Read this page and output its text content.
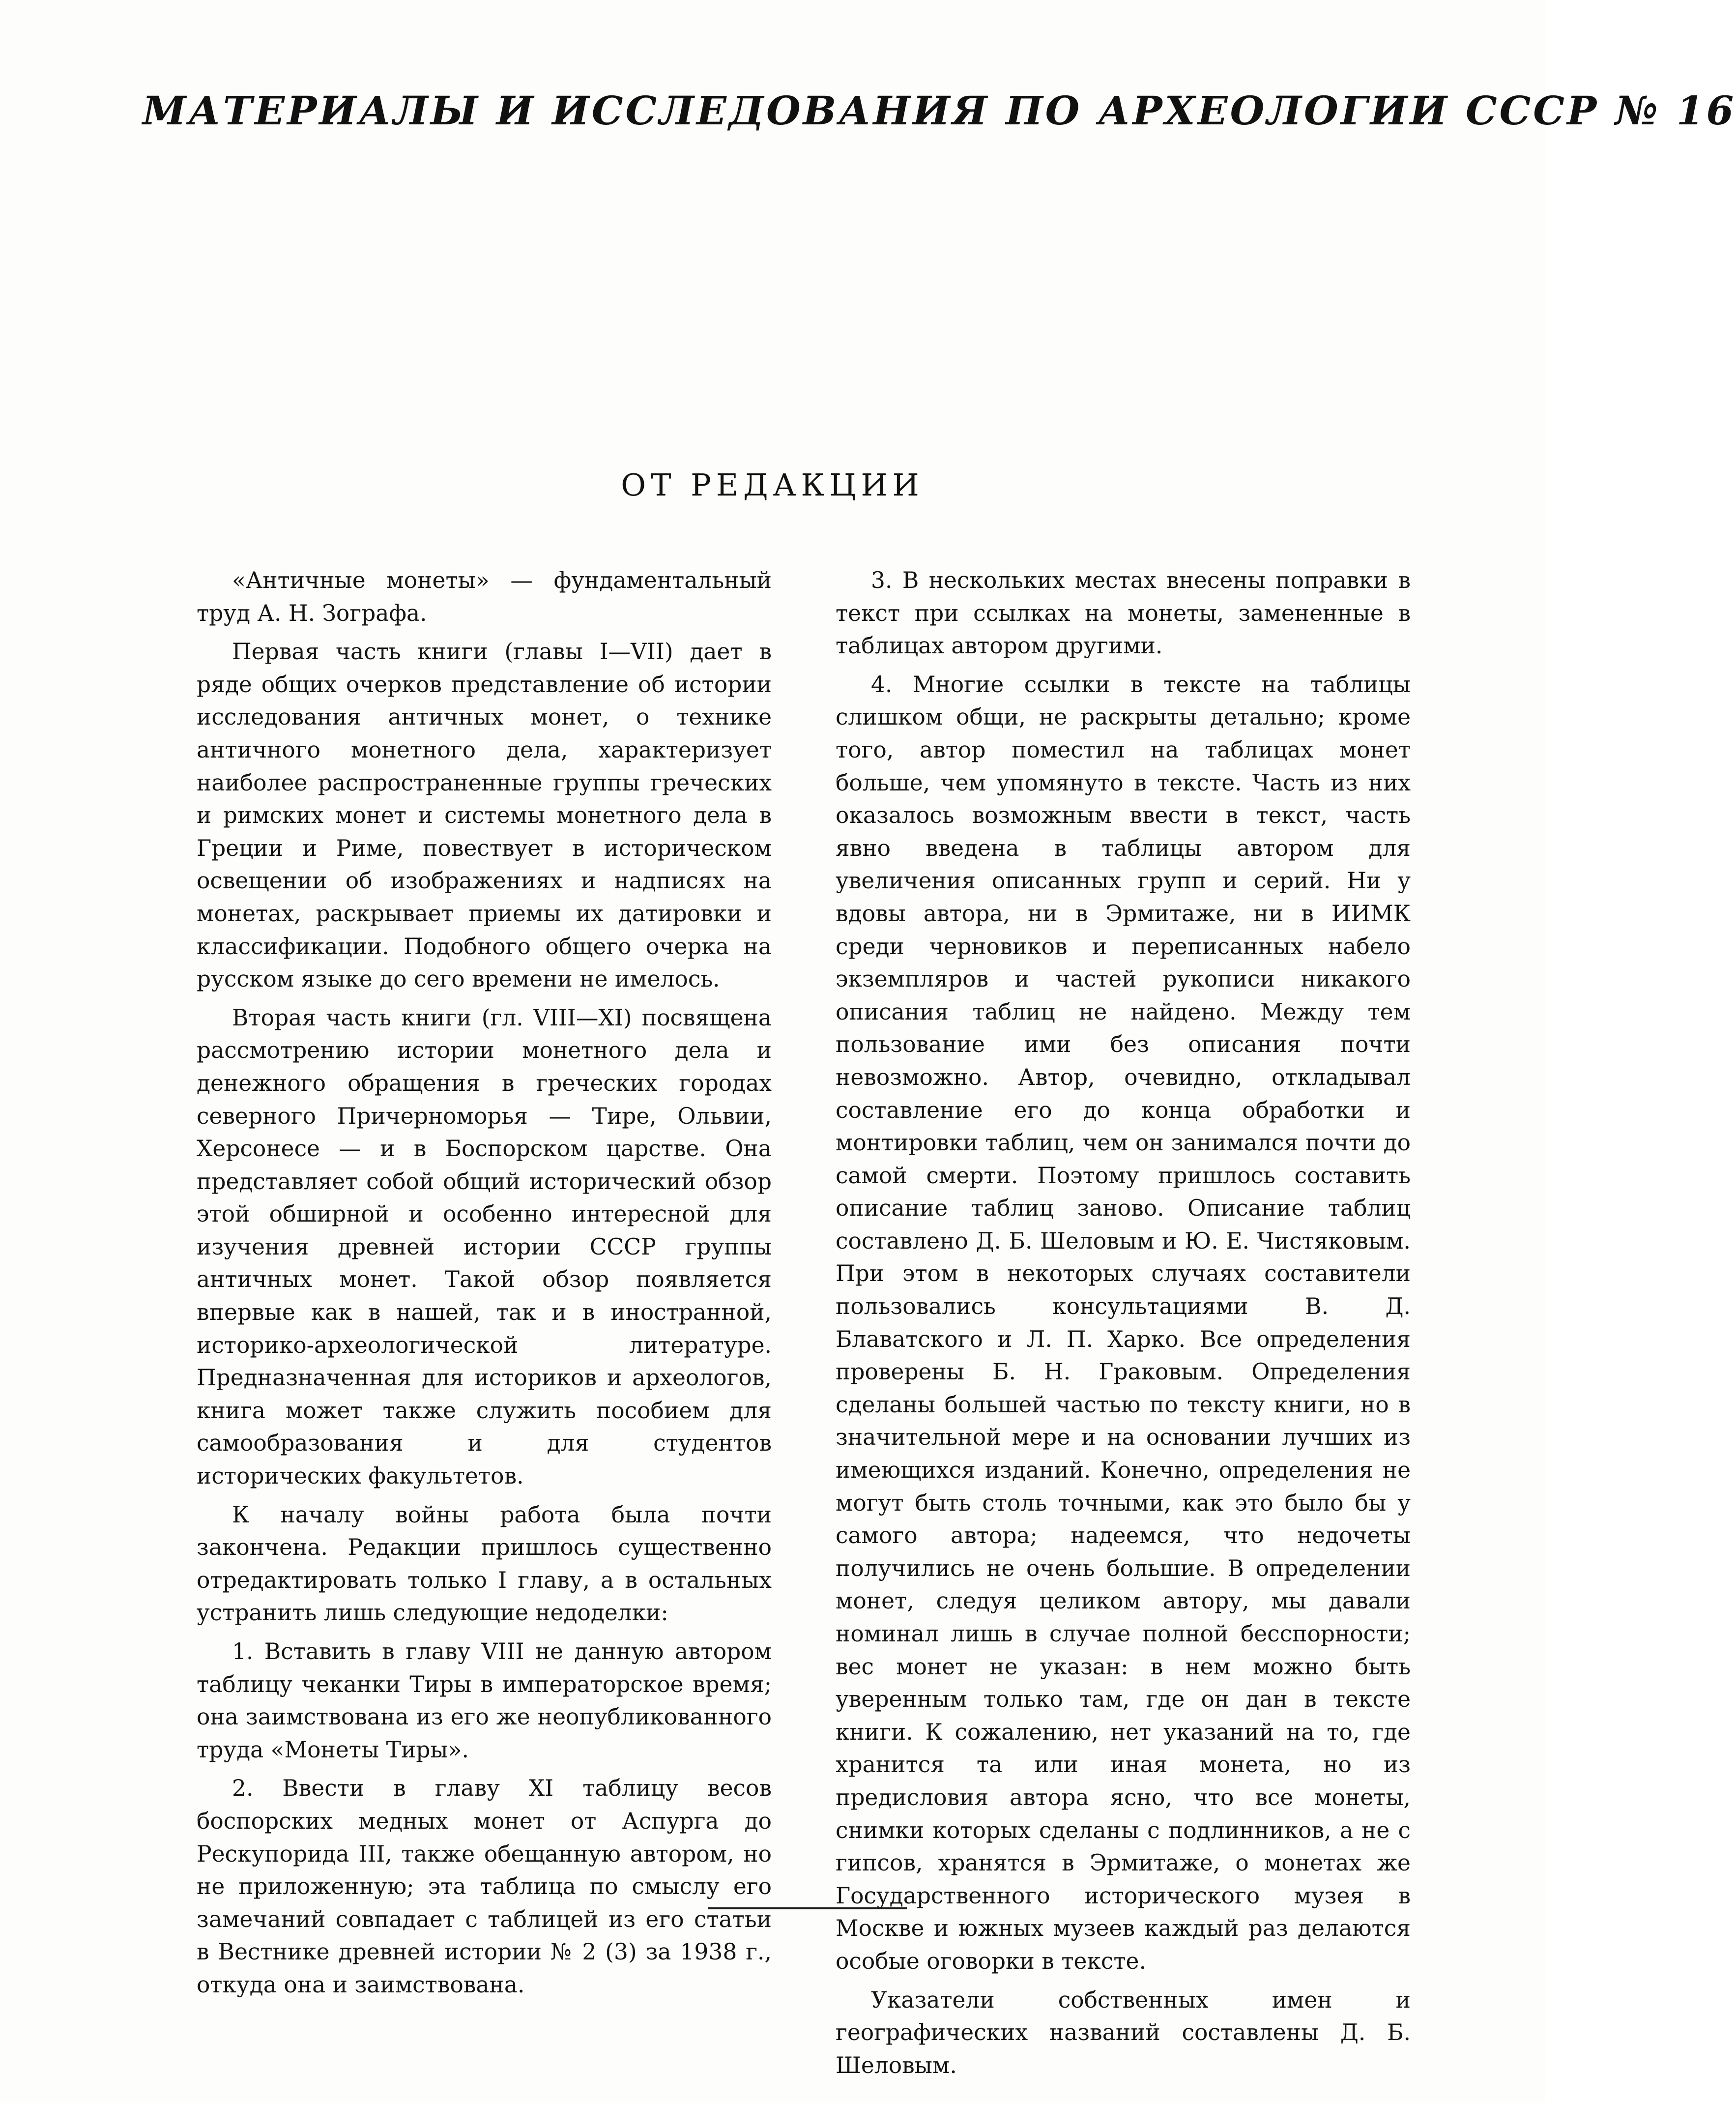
МАТЕРИАЛЫ И ИССЛЕДОВАНИЯ ПО АРХЕОЛОГИИ СССР № 16
ОТ РЕДАКЦИИ

«Античные монеты» — фундаментальный труд А. Н. Зографа.

Первая часть книги (главы I—VII) дает в ряде общих очерков представление об истории исследования античных монет, о технике античного монетного дела, характеризует наиболее распространенные группы греческих и римских монет и системы монетного дела в Греции и Риме, повествует в историческом освещении об изображениях и надписях на монетах, раскрывает приемы их датировки и классификации. Подобного общего очерка на русском языке до сего времени не имелось.

Вторая часть книги (гл. VIII—XI) посвящена рассмотрению истории монетного дела и денежного обращения в греческих городах северного Причерноморья — Тире, Ольвии, Херсонесе — и в Боспорском царстве. Она представляет собой общий исторический обзор этой обширной и особенно интересной для изучения древней истории СССР группы античных монет. Такой обзор появляется впервые как в нашей, так и в иностранной, историко-археологической литературе. Предназначенная для историков и археологов, книга может также служить пособием для самообразования и для студентов исторических факультетов.

К началу войны работа была почти закончена. Редакции пришлось существенно отредактировать только I главу, а в остальных устранить лишь следующие недоделки:

1. Вставить в главу VIII не данную автором таблицу чеканки Тиры в императорское время; она заимствована из его же неопубликованного труда «Монеты Тиры».

2. Ввести в главу XI таблицу весов боспорских медных монет от Аспурга до Рескупорида III, также обещанную автором, но не приложенную; эта таблица по смыслу его замечаний совпадает с таблицей из его статьи в Вестнике древней истории № 2 (3) за 1938 г., откуда она и заимствована.

3. В нескольких местах внесены поправки в текст при ссылках на монеты, замененные в таблицах автором другими.

4. Многие ссылки в тексте на таблицы слишком общи, не раскрыты детально; кроме того, автор поместил на таблицах монет больше, чем упомянуто в тексте. Часть из них оказалось возможным ввести в текст, часть явно введена в таблицы автором для увеличения описанных групп и серий. Ни у вдовы автора, ни в Эрмитаже, ни в ИИМК среди черновиков и переписанных набело экземпляров и частей рукописи никакого описания таблиц не найдено. Между тем пользование ими без описания почти невозможно. Автор, очевидно, откладывал составление его до конца обработки и монтировки таблиц, чем он занимался почти до самой смерти. Поэтому пришлось составить описание таблиц заново. Описание таблиц составлено Д. Б. Шеловым и Ю. Е. Чистяковым. При этом в некоторых случаях составители пользовались консультациями В. Д. Блаватского и Л. П. Харко. Все определения проверены Б. Н. Граковым. Определения сделаны большей частью по тексту книги, но в значительной мере и на основании лучших из имеющихся изданий. Конечно, определения не могут быть столь точными, как это было бы у самого автора; надеемся, что недочеты получились не очень большие. В определении монет, следуя целиком автору, мы давали номинал лишь в случае полной бесспорности; вес монет не указан: в нем можно быть уверенным только там, где он дан в тексте книги. К сожалению, нет указаний на то, где хранится та или иная монета, но из предисловия автора ясно, что все монеты, снимки которых сделаны с подлинников, а не с гипсов, хранятся в Эрмитаже, о монетах же Государственного исторического музея в Москве и южных музеев каждый раз делаются особые оговорки в тексте.

Указатели собственных имен и географических названий составлены Д. Б. Шеловым.
